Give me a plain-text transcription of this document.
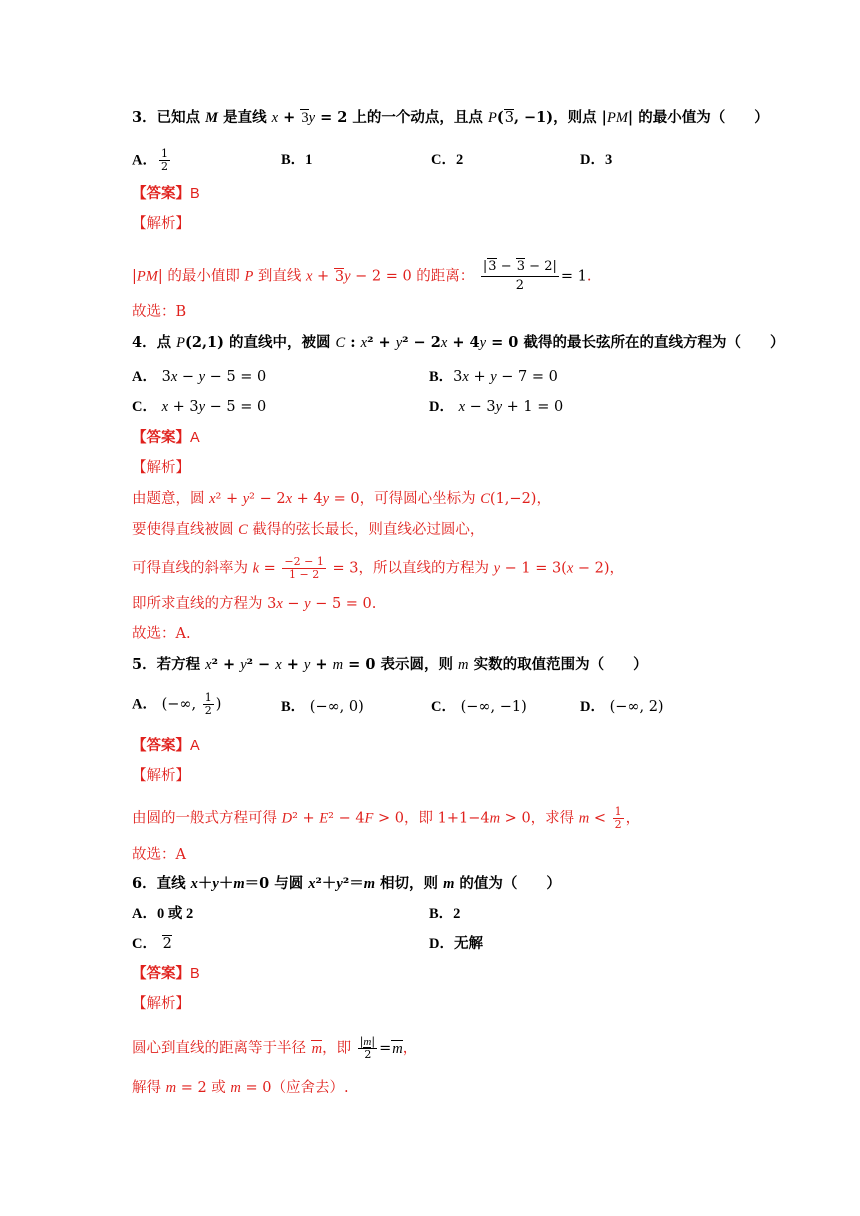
3．已知点 M 是直线 x + 3y = 2 上的一个动点，且点 P(3, −1)，则点 |PM| 的最小值为（　　）
A． $\frac{1}{2}$	B．1	C．2	D．3
【答案】B
【解析】
|PM| 的最小值即 P 到直线 x + 3y − 2 = 0 的距离： $\frac{|3 - 3 - 2|}{2} = 1$.
故选：B
4．点 P(2,1) 的直线中，被圆 C : x² + y² − 2x + 4y = 0 截得的最长弦所在的直线方程为（　　）
A． 3x − y − 5 = 0	B．3x + y − 7 = 0
C． x + 3y − 5 = 0	D． x − 3y + 1 = 0
【答案】A
【解析】
由题意，圆 x² + y² − 2x + 4y = 0，可得圆心坐标为 C(1,−2)，
要使得直线被圆 C 截得的弦长最长，则直线必过圆心，
可得直线的斜率为 $k = \frac{-2 - 1}{1 - 2} = 3$，所以直线的方程为 y − 1 = 3(x − 2)，
即所求直线的方程为 3x − y − 5 = 0.
故选：A.
5．若方程 x² + y² − x + y + m = 0 表示圆，则 m 实数的取值范围为（　　）
A． (−∞, $\frac{1}{2}$ )	B． (−∞, 0)	C． (−∞, −1)	D． (−∞, 2)
【答案】A
【解析】
由圆的一般式方程可得 D² + E² − 4F > 0，即 1+1−4m > 0，求得 $m < \frac{1}{2}$ ，
故选：A
6．直线 x＋y＋m＝0 与圆 x²＋y²＝m 相切，则 m 的值为（　　）
A．0 或 2	B．2
C． 2	D．无解
【答案】B
【解析】
圆心到直线的距离等于半径 m，即 $\frac{|m|}{2} =m$，
解得 m = 2 或 m = 0（应舍去）.
